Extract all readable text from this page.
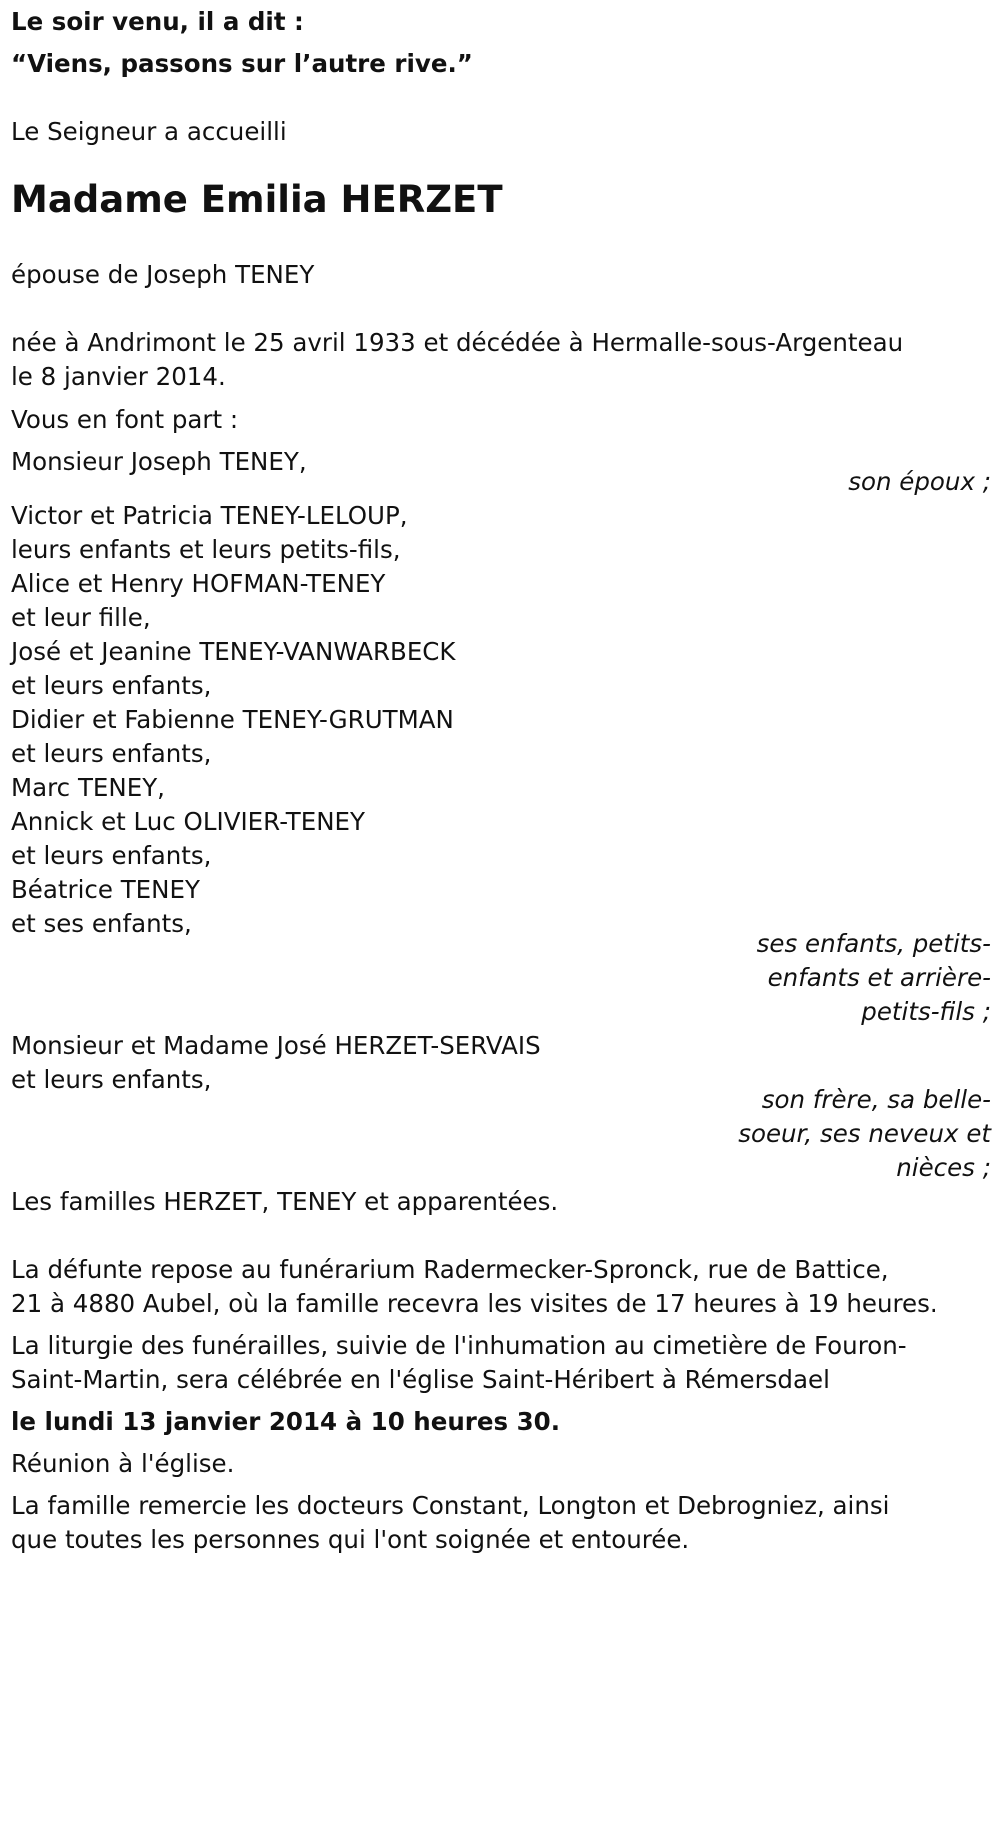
Le soir venu, il a dit :

“Viens, passons sur l’autre rive.”

Le Seigneur a accueilli

Madame Emilia HERZET

épouse de Joseph TENEY

née à Andrimont le 25 avril 1933 et décédée à Hermalle-sous-Argenteau

le 8 janvier 2014.

Vous en font part :

Monsieur Joseph TENEY,

son époux ;

Victor et Patricia TENEY-LELOUP,

leurs enfants et leurs petits-fils,

Alice et Henry HOFMAN-TENEY

et leur fille,

José et Jeanine TENEY-VANWARBECK

et leurs enfants,

Didier et Fabienne TENEY-GRUTMAN

et leurs enfants,

Marc TENEY,

Annick et Luc OLIVIER-TENEY

et leurs enfants,

Béatrice TENEY

et ses enfants,

ses enfants, petits-

enfants et arrière-

petits-fils ;

Monsieur et Madame José HERZET-SERVAIS

et leurs enfants,

son frère, sa belle-

soeur, ses neveux et

nièces ;

Les familles HERZET, TENEY et apparentées.

La défunte repose au funérarium Radermecker-Spronck, rue de Battice,

21 à 4880 Aubel, où la famille recevra les visites de 17 heures à 19 heures.

La liturgie des funérailles, suivie de l'inhumation au cimetière de Fouron-

Saint-Martin, sera célébrée en l'église Saint-Héribert à Rémersdael

le lundi 13 janvier 2014 à 10 heures 30.

Réunion à l'église.

La famille remercie les docteurs Constant, Longton et Debrogniez, ainsi

que toutes les personnes qui l'ont soignée et entourée.
